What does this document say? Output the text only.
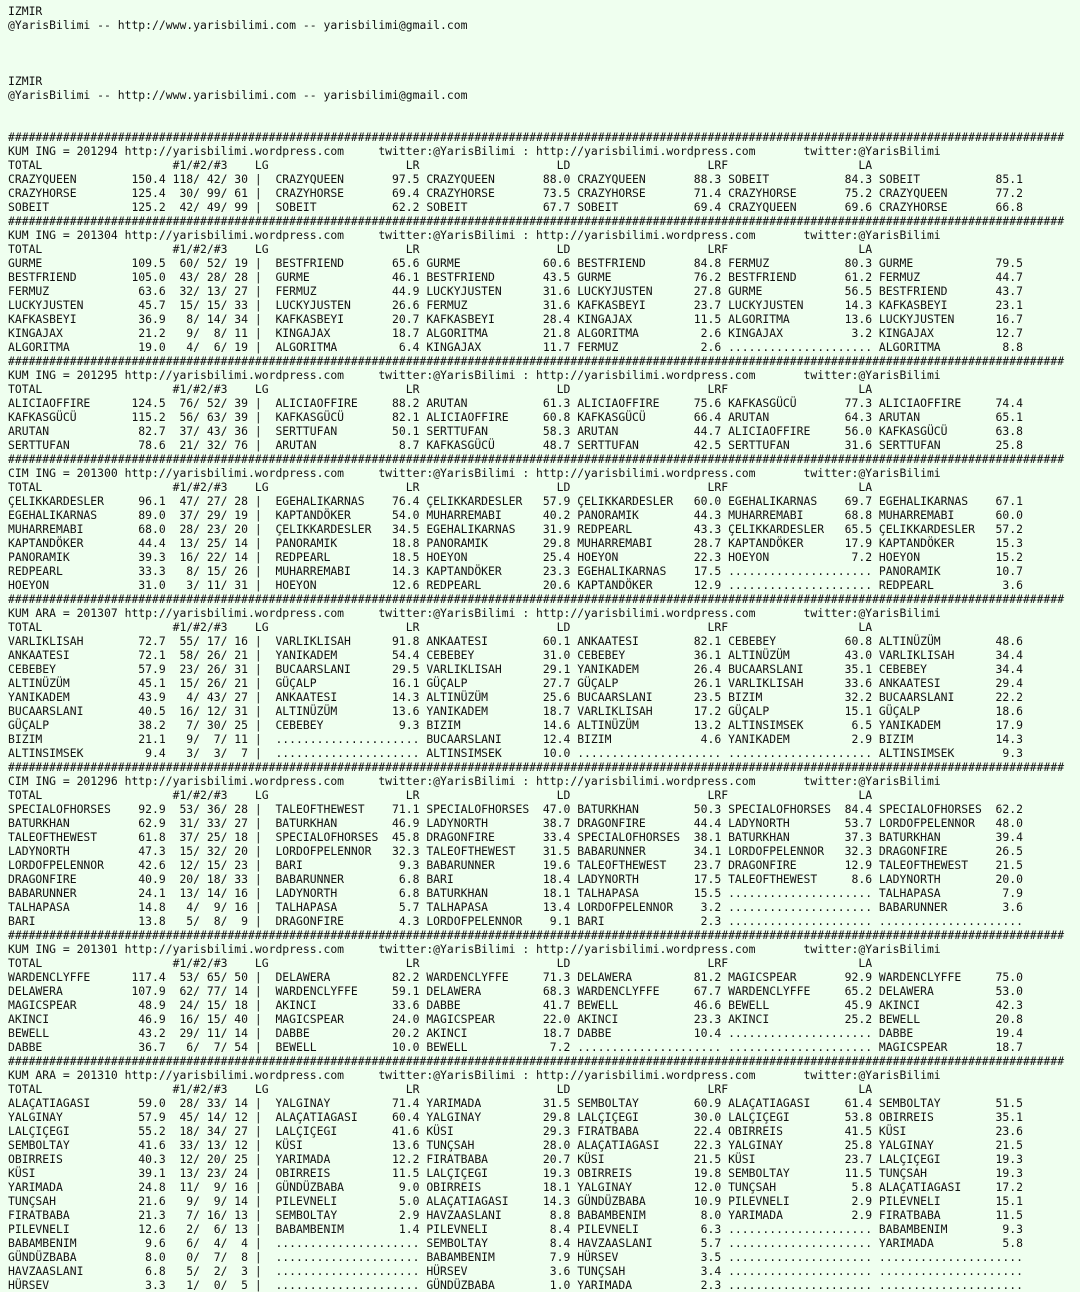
IZMIR
@YarisBilimi -- http://www.yarisbilimi.com -- yarisbilimi@gmail.com
IZMIR
@YarisBilimi -- http://www.yarisbilimi.com -- yarisbilimi@gmail.com
##########################################################################################################################################################
KUM ING = 201294 http://yarisbilimi.wordpress.com     twitter:@YarisBilimi : http://yarisbilimi.wordpress.com       twitter:@YarisBilimi
TOTAL                   #1/#2/#3    LG                    LR                    LD                    LRF                   LA
CRAZYQUEEN        150.4 118/ 42/ 30 |  CRAZYQUEEN       97.5 CRAZYQUEEN       88.0 CRAZYQUEEN       88.3 SOBEIT           84.3 SOBEIT           85.1
CRAZYHORSE        125.4  30/ 99/ 61 |  CRAZYHORSE       69.4 CRAZYHORSE       73.5 CRAZYHORSE       71.4 CRAZYHORSE       75.2 CRAZYQUEEN       77.2
SOBEIT            125.2  42/ 49/ 99 |  SOBEIT           62.2 SOBEIT           67.7 SOBEIT           69.4 CRAZYQUEEN       69.6 CRAZYHORSE       66.8
##########################################################################################################################################################
KUM ING = 201304 http://yarisbilimi.wordpress.com     twitter:@YarisBilimi : http://yarisbilimi.wordpress.com       twitter:@YarisBilimi
TOTAL                   #1/#2/#3    LG                    LR                    LD                    LRF                   LA
GURME             109.5  60/ 52/ 19 |  BESTFRIEND       65.6 GURME            60.6 BESTFRIEND       84.8 FERMUZ           80.3 GURME            79.5
BESTFRIEND        105.0  43/ 28/ 28 |  GURME            46.1 BESTFRIEND       43.5 GURME            76.2 BESTFRIEND       61.2 FERMUZ           44.7
FERMUZ             63.6  32/ 13/ 27 |  FERMUZ           44.9 LUCKYJUSTEN      31.6 LUCKYJUSTEN      27.8 GURME            56.5 BESTFRIEND       43.7
LUCKYJUSTEN        45.7  15/ 15/ 33 |  LUCKYJUSTEN      26.6 FERMUZ           31.6 KAFKASBEYI       23.7 LUCKYJUSTEN      14.3 KAFKASBEYI       23.1
KAFKASBEYI         36.9   8/ 14/ 34 |  KAFKASBEYI       20.7 KAFKASBEYI       28.4 KINGAJAX         11.5 ALGORITMA        13.6 LUCKYJUSTEN      16.7
KINGAJAX           21.2   9/  8/ 11 |  KINGAJAX         18.7 ALGORITMA        21.8 ALGORITMA         2.6 KINGAJAX          3.2 KINGAJAX         12.7
ALGORITMA          19.0   4/  6/ 19 |  ALGORITMA         6.4 KINGAJAX         11.7 FERMUZ            2.6 ..................... ALGORITMA         8.8
##########################################################################################################################################################
KUM ING = 201295 http://yarisbilimi.wordpress.com     twitter:@YarisBilimi : http://yarisbilimi.wordpress.com       twitter:@YarisBilimi
TOTAL                   #1/#2/#3    LG                    LR                    LD                    LRF                   LA
ALICIAOFFIRE      124.5  76/ 52/ 39 |  ALICIAOFFIRE     88.2 ARUTAN           61.3 ALICIAOFFIRE     75.6 KAFKASGÜCÜ       77.3 ALICIAOFFIRE     74.4
KAFKASGÜCÜ        115.2  56/ 63/ 39 |  KAFKASGÜCÜ       82.1 ALICIAOFFIRE     60.8 KAFKASGÜCÜ       66.4 ARUTAN           64.3 ARUTAN           65.1
ARUTAN             82.7  37/ 43/ 36 |  SERTTUFAN        50.1 SERTTUFAN        58.3 ARUTAN           44.7 ALICIAOFFIRE     56.0 KAFKASGÜCÜ       63.8
SERTTUFAN          78.6  21/ 32/ 76 |  ARUTAN            8.7 KAFKASGÜCÜ       48.7 SERTTUFAN        42.5 SERTTUFAN        31.6 SERTTUFAN        25.8
##########################################################################################################################################################
CIM ING = 201300 http://yarisbilimi.wordpress.com     twitter:@YarisBilimi : http://yarisbilimi.wordpress.com       twitter:@YarisBilimi
TOTAL                   #1/#2/#3    LG                    LR                    LD                    LRF                   LA
ÇELIKKARDESLER     96.1  47/ 27/ 28 |  EGEHALIKARNAS    76.4 ÇELIKKARDESLER   57.9 ÇELIKKARDESLER   60.0 EGEHALIKARNAS    69.7 EGEHALIKARNAS    67.1
EGEHALIKARNAS      89.0  37/ 29/ 19 |  KAPTANDÖKER      54.0 MUHARREMABI      40.2 PANORAMIK        44.3 MUHARREMABI      68.8 MUHARREMABI      60.0
MUHARREMABI        68.0  28/ 23/ 20 |  ÇELIKKARDESLER   34.5 EGEHALIKARNAS    31.9 REDPEARL         43.3 ÇELIKKARDESLER   65.5 ÇELIKKARDESLER   57.2
KAPTANDÖKER        44.4  13/ 25/ 14 |  PANORAMIK        18.8 PANORAMIK        29.8 MUHARREMABI      28.7 KAPTANDÖKER      17.9 KAPTANDÖKER      15.3
PANORAMIK          39.3  16/ 22/ 14 |  REDPEARL         18.5 HOEYON           25.4 HOEYON           22.3 HOEYON            7.2 HOEYON           15.2
REDPEARL           33.3   8/ 15/ 26 |  MUHARREMABI      14.3 KAPTANDÖKER      23.3 EGEHALIKARNAS    17.5 ..................... PANORAMIK        10.7
HOEYON             31.0   3/ 11/ 31 |  HOEYON           12.6 REDPEARL         20.6 KAPTANDÖKER      12.9 ..................... REDPEARL          3.6
##########################################################################################################################################################
KUM ARA = 201307 http://yarisbilimi.wordpress.com     twitter:@YarisBilimi : http://yarisbilimi.wordpress.com       twitter:@YarisBilimi
TOTAL                   #1/#2/#3    LG                    LR                    LD                    LRF                   LA
VARLIKLISAH        72.7  55/ 17/ 16 |  VARLIKLISAH      91.8 ANKAATESI        60.1 ANKAATESI        82.1 CEBEBEY          60.8 ALTINÜZÜM        48.6
ANKAATESI          72.1  58/ 26/ 21 |  YANIKADEM        54.4 CEBEBEY          31.0 CEBEBEY          36.1 ALTINÜZÜM        43.0 VARLIKLISAH      34.4
CEBEBEY            57.9  23/ 26/ 31 |  BUCAARSLANI      29.5 VARLIKLISAH      29.1 YANIKADEM        26.4 BUCAARSLANI      35.1 CEBEBEY          34.4
ALTINÜZÜM          45.1  15/ 26/ 21 |  GÜÇALP           16.1 GÜÇALP           27.7 GÜÇALP           26.1 VARLIKLISAH      33.6 ANKAATESI        29.4
YANIKADEM          43.9   4/ 43/ 27 |  ANKAATESI        14.3 ALTINÜZÜM        25.6 BUCAARSLANI      23.5 BIZIM            32.2 BUCAARSLANI      22.2
BUCAARSLANI        40.5  16/ 12/ 31 |  ALTINÜZÜM        13.6 YANIKADEM        18.7 VARLIKLISAH      17.2 GÜÇALP           15.1 GÜÇALP           18.6
GÜÇALP             38.2   7/ 30/ 25 |  CEBEBEY           9.3 BIZIM            14.6 ALTINÜZÜM        13.2 ALTINSIMSEK       6.5 YANIKADEM        17.9
BIZIM              21.1   9/  7/ 11 |  ..................... BUCAARSLANI      12.4 BIZIM             4.6 YANIKADEM         2.9 BIZIM            14.3
ALTINSIMSEK         9.4   3/  3/  7 |  ..................... ALTINSIMSEK      10.0 ..................... ..................... ALTINSIMSEK       9.3
##########################################################################################################################################################
CIM ING = 201296 http://yarisbilimi.wordpress.com     twitter:@YarisBilimi : http://yarisbilimi.wordpress.com       twitter:@YarisBilimi
TOTAL                   #1/#2/#3    LG                    LR                    LD                    LRF                   LA
SPECIALOFHORSES    92.9  53/ 36/ 28 |  TALEOFTHEWEST    71.1 SPECIALOFHORSES  47.0 BATURKHAN        50.3 SPECIALOFHORSES  84.4 SPECIALOFHORSES  62.2
BATURKHAN          62.9  31/ 33/ 27 |  BATURKHAN        46.9 LADYNORTH        38.7 DRAGONFIRE       44.4 LADYNORTH        53.7 LORDOFPELENNOR   48.0
TALEOFTHEWEST      61.8  37/ 25/ 18 |  SPECIALOFHORSES  45.8 DRAGONFIRE       33.4 SPECIALOFHORSES  38.1 BATURKHAN        37.3 BATURKHAN        39.4
LADYNORTH          47.3  15/ 32/ 20 |  LORDOFPELENNOR   32.3 TALEOFTHEWEST    31.5 BABARUNNER       34.1 LORDOFPELENNOR   32.3 DRAGONFIRE       26.5
LORDOFPELENNOR     42.6  12/ 15/ 23 |  BARI              9.3 BABARUNNER       19.6 TALEOFTHEWEST    23.7 DRAGONFIRE       12.9 TALEOFTHEWEST    21.5
DRAGONFIRE         40.9  20/ 18/ 33 |  BABARUNNER        6.8 BARI             18.4 LADYNORTH        17.5 TALEOFTHEWEST     8.6 LADYNORTH        20.0
BABARUNNER         24.1  13/ 14/ 16 |  LADYNORTH         6.8 BATURKHAN        18.1 TALHAPASA        15.5 ..................... TALHAPASA         7.9
TALHAPASA          14.8   4/  9/ 16 |  TALHAPASA         5.7 TALHAPASA        13.4 LORDOFPELENNOR    3.2 ..................... BABARUNNER        3.6
BARI               13.8   5/  8/  9 |  DRAGONFIRE        4.3 LORDOFPELENNOR    9.1 BARI              2.3 ..................... .....................
##########################################################################################################################################################
KUM ING = 201301 http://yarisbilimi.wordpress.com     twitter:@YarisBilimi : http://yarisbilimi.wordpress.com       twitter:@YarisBilimi
TOTAL                   #1/#2/#3    LG                    LR                    LD                    LRF                   LA
WARDENCLYFFE      117.4  53/ 65/ 50 |  DELAWERA         82.2 WARDENCLYFFE     71.3 DELAWERA         81.2 MAGICSPEAR       92.9 WARDENCLYFFE     75.0
DELAWERA          107.9  62/ 77/ 14 |  WARDENCLYFFE     59.1 DELAWERA         68.3 WARDENCLYFFE     67.7 WARDENCLYFFE     65.2 DELAWERA         53.0
MAGICSPEAR         48.9  24/ 15/ 18 |  AKINCI           33.6 DABBE            41.7 BEWELL           46.6 BEWELL           45.9 AKINCI           42.3
AKINCI             46.9  16/ 15/ 40 |  MAGICSPEAR       24.0 MAGICSPEAR       22.0 AKINCI           23.3 AKINCI           25.2 BEWELL           20.8
BEWELL             43.2  29/ 11/ 14 |  DABBE            20.2 AKINCI           18.7 DABBE            10.4 ..................... DABBE            19.4
DABBE              36.7   6/  7/ 54 |  BEWELL           10.0 BEWELL            7.2 ..................... ..................... MAGICSPEAR       18.7
##########################################################################################################################################################
KUM ARA = 201310 http://yarisbilimi.wordpress.com     twitter:@YarisBilimi : http://yarisbilimi.wordpress.com       twitter:@YarisBilimi
TOTAL                   #1/#2/#3    LG                    LR                    LD                    LRF                   LA
ALAÇATIAGASI       59.0  28/ 33/ 14 |  YALGINAY         71.4 YARIMADA         31.5 SEMBOLTAY        60.9 ALAÇATIAGASI     61.4 SEMBOLTAY        51.5
YALGINAY           57.9  45/ 14/ 12 |  ALAÇATIAGASI     60.4 YALGINAY         29.8 LALÇIÇEGI        30.0 LALÇIÇEGI        53.8 OBIRREIS         35.1
LALÇIÇEGI          55.2  18/ 34/ 27 |  LALÇIÇEGI        41.6 KÜSI             29.3 FIRATBABA        22.4 OBIRREIS         41.5 KÜSI             23.6
SEMBOLTAY          41.6  33/ 13/ 12 |  KÜSI             13.6 TUNÇSAH          28.0 ALAÇATIAGASI     22.3 YALGINAY         25.8 YALGINAY         21.5
OBIRREIS           40.3  12/ 20/ 25 |  YARIMADA         12.2 FIRATBABA        20.7 KÜSI             21.5 KÜSI             23.7 LALÇIÇEGI        19.3
KÜSI               39.1  13/ 23/ 24 |  OBIRREIS         11.5 LALÇIÇEGI        19.3 OBIRREIS         19.8 SEMBOLTAY        11.5 TUNÇSAH          19.3
YARIMADA           24.8  11/  9/ 16 |  GÜNDÜZBABA        9.0 OBIRREIS         18.1 YALGINAY         12.0 TUNÇSAH           5.8 ALAÇATIAGASI     17.2
TUNÇSAH            21.6   9/  9/ 14 |  PILEVNELI         5.0 ALAÇATIAGASI     14.3 GÜNDÜZBABA       10.9 PILEVNELI         2.9 PILEVNELI        15.1
FIRATBABA          21.3   7/ 16/ 13 |  SEMBOLTAY         2.9 HAVZAASLANI       8.8 BABAMBENIM        8.0 YARIMADA          2.9 FIRATBABA        11.5
PILEVNELI          12.6   2/  6/ 13 |  BABAMBENIM        1.4 PILEVNELI         8.4 PILEVNELI         6.3 ..................... BABAMBENIM        9.3
BABAMBENIM          9.6   6/  4/  4 |  ..................... SEMBOLTAY         8.4 HAVZAASLANI       5.7 ..................... YARIMADA          5.8
GÜNDÜZBABA          8.0   0/  7/  8 |  ..................... BABAMBENIM        7.9 HÜRSEV            3.5 ..................... .....................
HAVZAASLANI         6.8   5/  2/  3 |  ..................... HÜRSEV            3.6 TUNÇSAH           3.4 ..................... .....................
HÜRSEV              3.3   1/  0/  5 |  ..................... GÜNDÜZBABA        1.0 YARIMADA          2.3 ..................... .....................
